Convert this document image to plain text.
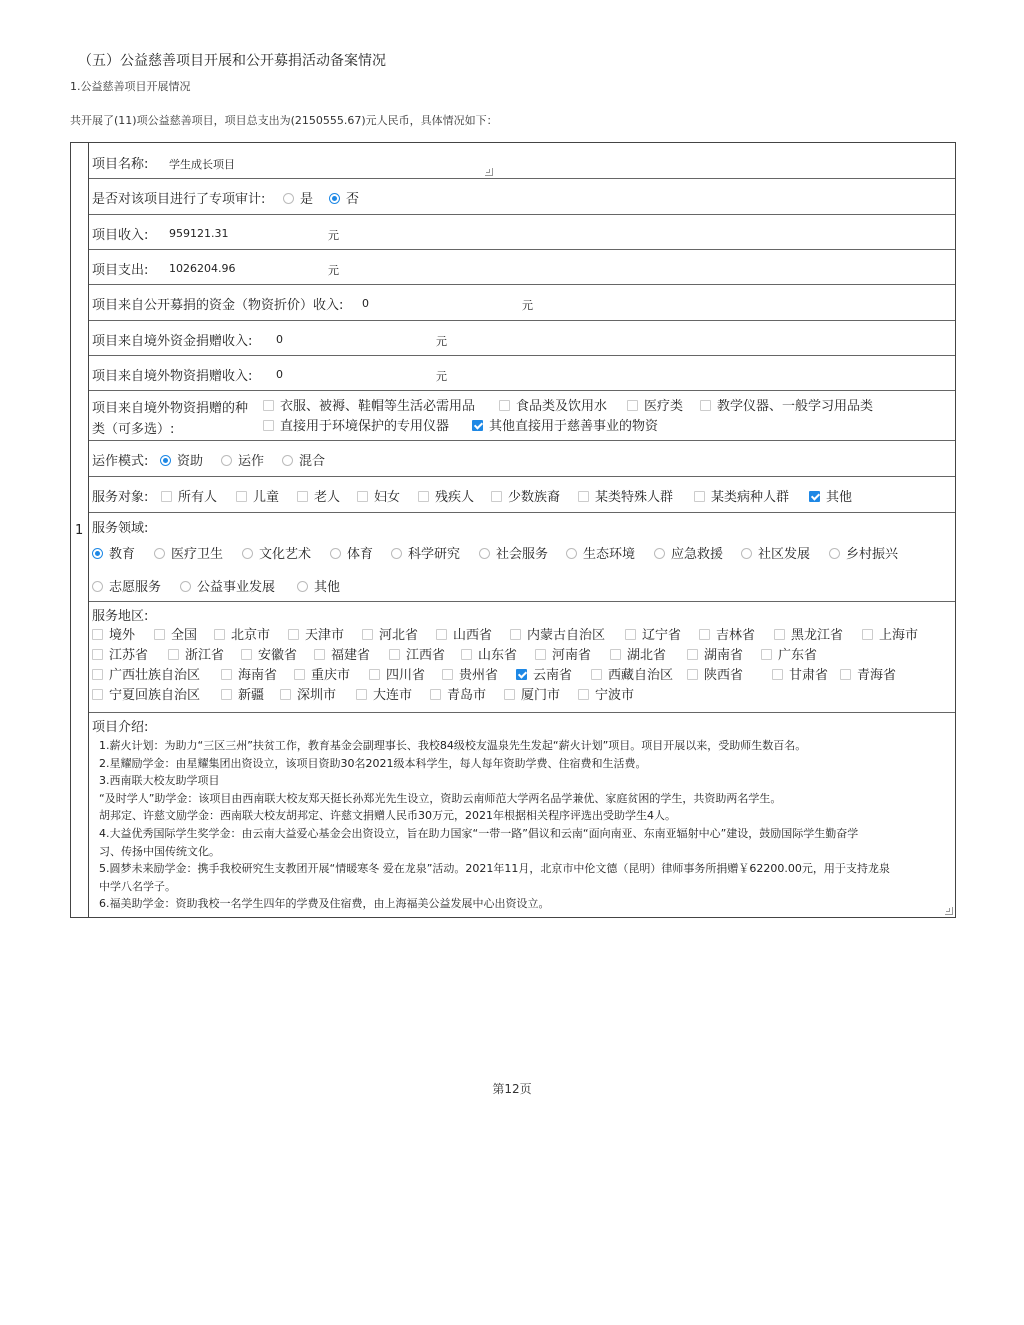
（五）公益慈善项目开展和公开募捐活动备案情况
1.公益慈善项目开展情况
共开展了(11)项公益慈善项目，项目总支出为(2150555.67)元人民币，具体情况如下：
1
项目名称: 学生成长项目
是否对该项目进行了专项审计:	是	否
项目收入: 959121.31	元
项目支出: 1026204.96	元
项目来自公开募捐的资金（物资折价）收入: 0	元
项目来自境外资金捐赠收入: 0	元
项目来自境外物资捐赠收入: 0	元
项目来自境外物资捐赠的种
类（可多选）:
衣服、被褥、鞋帽等生活必需用品	食品类及饮用水	医疗类	教学仪器、一般学习用品类
直接用于环境保护的专用仪器	其他直接用于慈善事业的物资
运作模式:	资助	运作	混合
服务对象:	所有人	儿童	老人	妇女	残疾人	少数族裔	某类特殊人群	某类病种人群	其他
服务领域:
教育	医疗卫生	文化艺术	体育	科学研究	社会服务	生态环境	应急救援	社区发展	乡村振兴
志愿服务	公益事业发展	其他
服务地区:
境外	全国	北京市	天津市	河北省	山西省	内蒙古自治区	辽宁省	吉林省	黑龙江省	上海市
江苏省	浙江省	安徽省	福建省	江西省	山东省	河南省	湖北省	湖南省	广东省
广西壮族自治区	海南省	重庆市	四川省	贵州省	云南省	西藏自治区	陕西省	甘肃省	青海省
宁夏回族自治区	新疆	深圳市	大连市	青岛市	厦门市	宁波市
项目介绍:
1.薪火计划：为助力“三区三州”扶贫工作，教育基金会副理事长、我校84级校友温泉先生发起“薪火计划”项目。项目开展以来，受助师生数百名。
2.星耀励学金：由星耀集团出资设立，该项目资助30名2021级本科学生，每人每年资助学费、住宿费和生活费。
3.西南联大校友助学项目
“及时学人”助学金：该项目由西南联大校友郑天挺长孙郑光先生设立，资助云南师范大学两名品学兼优、家庭贫困的学生，共资助两名学生。
胡邦定、许慈文励学金：西南联大校友胡邦定、许慈文捐赠人民币30万元，2021年根据相关程序评选出受助学生4人。
4.大益优秀国际学生奖学金：由云南大益爱心基金会出资设立，旨在助力国家“一带一路”倡议和云南“面向南亚、东南亚辐射中心”建设，鼓励国际学生勤奋学
习、传扬中国传统文化。
5.圆梦未来励学金：携手我校研究生支教团开展“情暖寒冬 爱在龙泉”活动。2021年11月，北京市中伦文德（昆明）律师事务所捐赠￥62200.00元，用于支持龙泉
中学八名学子。
6.福美助学金：资助我校一名学生四年的学费及住宿费，由上海福美公益发展中心出资设立。
第12页
